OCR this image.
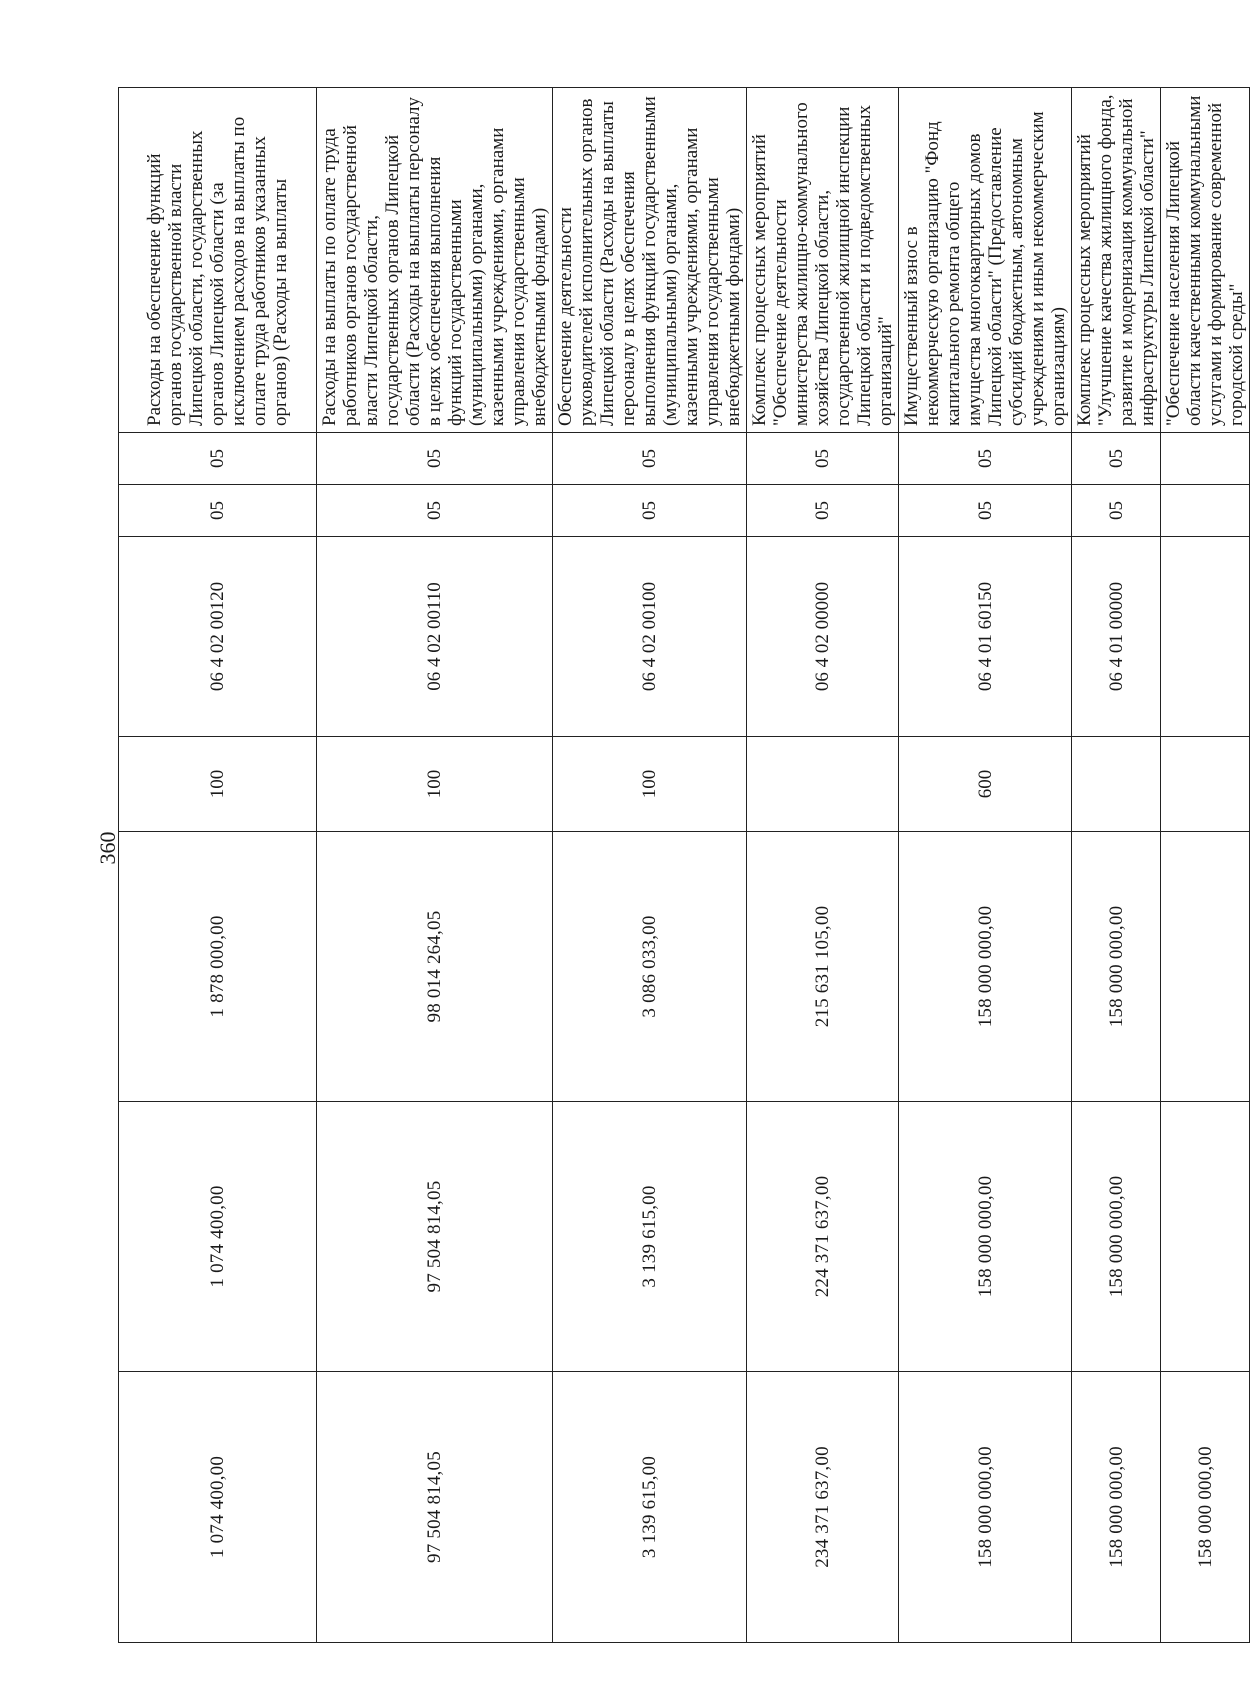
360
1 074 400,00	1 074 400,00	1 878 000,00	100	06 4 02 00120	05	05	Расходы на обеспечение функций органов государственной власти Липецкой области, государственных органов Липецкой области (за исключением расходов на выплаты по оплате труда работников указанных органов) (Расходы на выплаты
97 504 814,05	97 504 814,05	98 014 264,05	100	06 4 02 00110	05	05	Расходы на выплаты по оплате труда работников органов государственной власти Липецкой области, государственных органов Липецкой области (Расходы на выплаты персоналу в целях обеспечения выполнения функций государственными (муниципальными) органами, казенными учреждениями, органами управления государственными внебюджетными фондами)
3 139 615,00	3 139 615,00	3 086 033,00	100	06 4 02 00100	05	05	Обеспечение деятельности руководителей исполнительных органов Липецкой области (Расходы на выплаты персоналу в целях обеспечения выполнения функций государственными (муниципальными) органами, казенными учреждениями, органами управления государственными внебюджетными фондами)
234 371 637,00	224 371 637,00	215 631 105,00		06 4 02 00000	05	05	Комплекс процессных мероприятий "Обеспечение деятельности министерства жилищно-коммунального хозяйства Липецкой области, государственной жилищной инспекции Липецкой области и подведомственных организаций"
158 000 000,00	158 000 000,00	158 000 000,00	600	06 4 01 60150	05	05	Имущественный взнос в некоммерческую организацию "Фонд капитального ремонта общего имущества многоквартирных домов Липецкой области" (Предоставление субсидий бюджетным, автономным учреждениям и иным некоммерческим организациям)
158 000 000,00	158 000 000,00	158 000 000,00		06 4 01 00000	05	05	Комплекс процессных мероприятий "Улучшение качества жилищного фонда, развитие и модернизация коммунальной инфраструктуры Липецкой области"
158 000 000,00							"Обеспечение населения Липецкой области качественными коммунальными услугами и формирование современной городской среды"
